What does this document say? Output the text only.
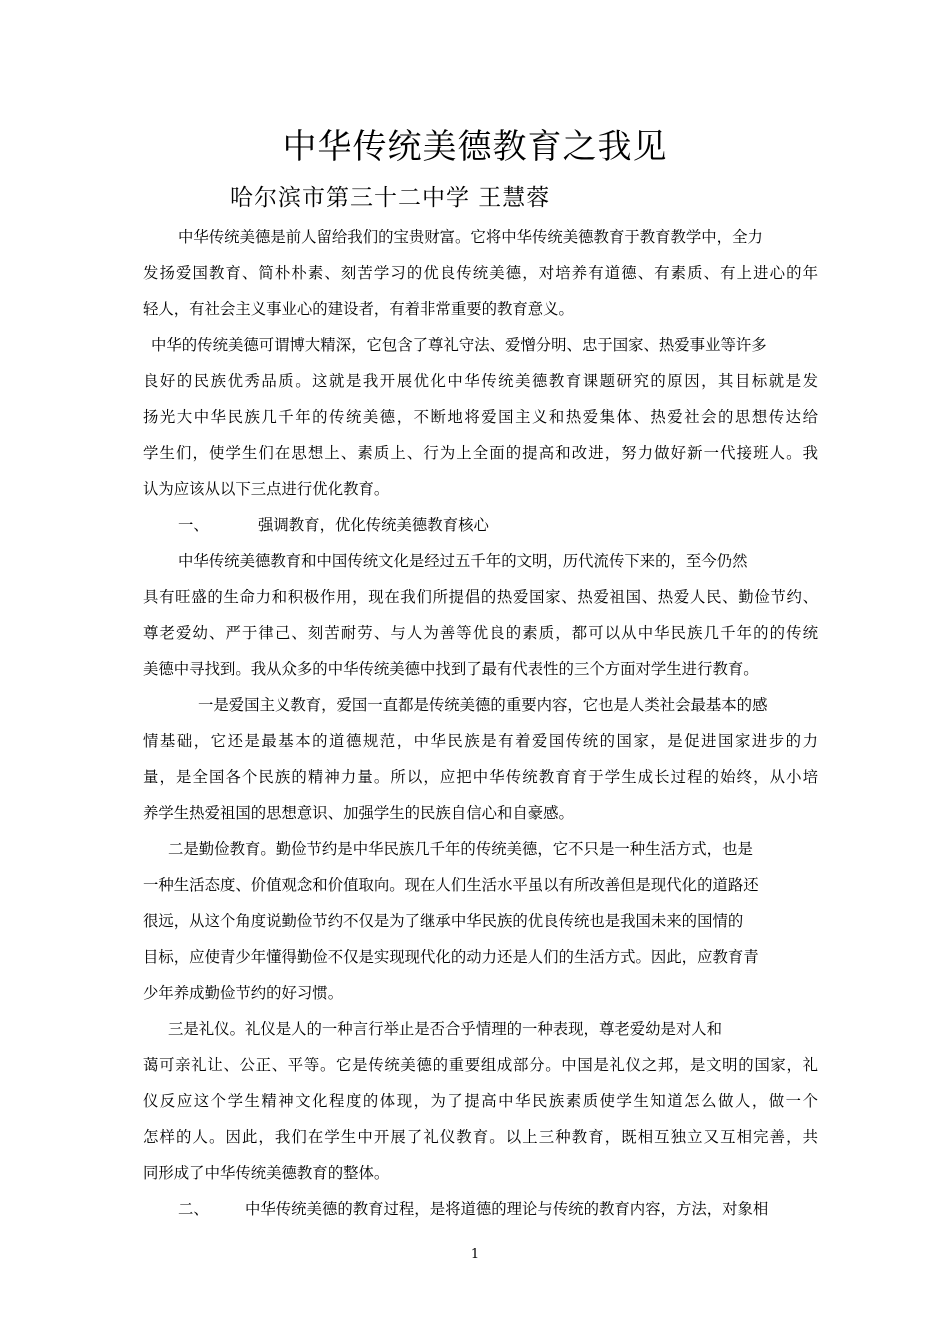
中华传统美德教育之我见
哈尔滨市第三十二中学 王慧蓉
中华传统美德是前人留给我们的宝贵财富。它将中华传统美德教育于教育教学中，全力
发扬爱国教育、简朴朴素、刻苦学习的优良传统美德，对培养有道德、有素质、有上进心的年
轻人，有社会主义事业心的建设者，有着非常重要的教育意义。
中华的传统美德可谓博大精深，它包含了尊礼守法、爱憎分明、忠于国家、热爱事业等许多
良好的民族优秀品质。这就是我开展优化中华传统美德教育课题研究的原因，其目标就是发
扬光大中华民族几千年的传统美德，不断地将爱国主义和热爱集体、热爱社会的思想传达给
学生们，使学生们在思想上、素质上、行为上全面的提高和改进，努力做好新一代接班人。我
认为应该从以下三点进行优化教育。
一、	强调教育，优化传统美德教育核心
中华传统美德教育和中国传统文化是经过五千年的文明，历代流传下来的，至今仍然
具有旺盛的生命力和积极作用，现在我们所提倡的热爱国家、热爱祖国、热爱人民、勤俭节约、
尊老爱幼、严于律己、刻苦耐劳、与人为善等优良的素质，都可以从中华民族几千年的的传统
美德中寻找到。我从众多的中华传统美德中找到了最有代表性的三个方面对学生进行教育。
一是爱国主义教育，爱国一直都是传统美德的重要内容，它也是人类社会最基本的感
情基础，它还是最基本的道德规范，中华民族是有着爱国传统的国家，是促进国家进步的力
量，是全国各个民族的精神力量。所以，应把中华传统教育育于学生成长过程的始终，从小培
养学生热爱祖国的思想意识、加强学生的民族自信心和自豪感。
二是勤俭教育。勤俭节约是中华民族几千年的传统美德，它不只是一种生活方式，也是
一种生活态度、价值观念和价值取向。现在人们生活水平虽以有所改善但是现代化的道路还
很远，从这个角度说勤俭节约不仅是为了继承中华民族的优良传统也是我国未来的国情的
目标，应使青少年懂得勤俭不仅是实现现代化的动力还是人们的生活方式。因此，应教育青
少年养成勤俭节约的好习惯。
三是礼仪。礼仪是人的一种言行举止是否合乎情理的一种表现，尊老爱幼是对人和
蔼可亲礼让、公正、平等。它是传统美德的重要组成部分。中国是礼仪之邦，是文明的国家，礼
仪反应这个学生精神文化程度的体现，为了提高中华民族素质使学生知道怎么做人，做一个
怎样的人。因此，我们在学生中开展了礼仪教育。以上三种教育，既相互独立又互相完善，共
同形成了中华传统美德教育的整体。
二、 中华传统美德的教育过程，是将道德的理论与传统的教育内容，方法，对象相
1
